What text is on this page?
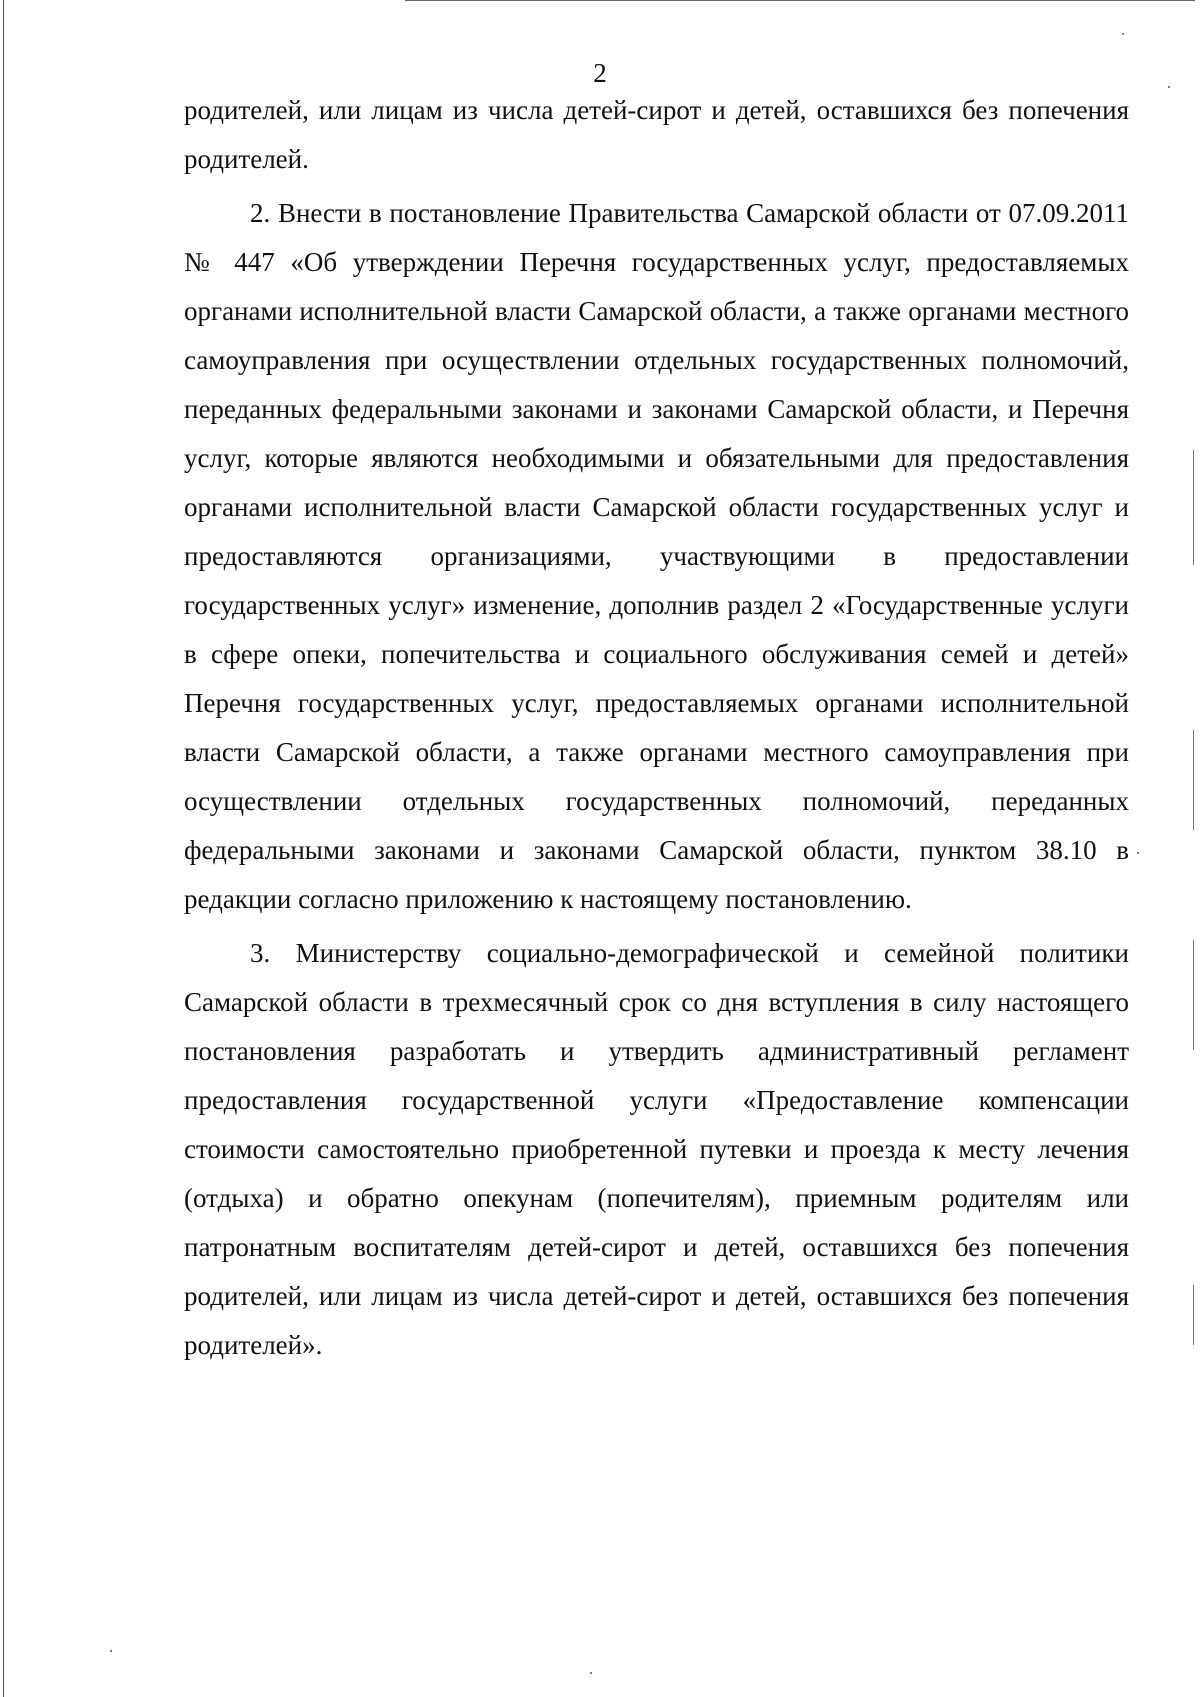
2

родителей, или лицам из числа детей-сирот и детей, оставшихся без попечения родителей.

2. Внести в постановление Правительства Самарской области от 07.09.2011 № 447 «Об утверждении Перечня государственных услуг, предоставляемых органами исполнительной власти Самарской области, а также органами местного самоуправления при осуществлении отдельных государственных полномочий, переданных федеральными законами и законами Самарской области, и Перечня услуг, которые являются необходимыми и обязательными для предоставления органами исполнительной власти Самарской области государственных услуг и предоставляются организациями, участвующими в предоставлении государственных услуг» изменение, дополнив раздел 2 «Государственные услуги в сфере опеки, попечительства и социального обслуживания семей и детей» Перечня государственных услуг, предоставляемых органами исполнительной власти Самарской области, а также органами местного самоуправления при осуществлении отдельных государственных полномочий, переданных федеральными законами и законами Самарской области, пунктом 38.10 в редакции согласно приложению к настоящему постановлению.

3. Министерству социально-демографической и семейной политики Самарской области в трехмесячный срок со дня вступления в силу настоящего постановления разработать и утвердить административный регламент предоставления государственной услуги «Предоставление компенсации стоимости самостоятельно приобретенной путевки и проезда к месту лечения (отдыха) и обратно опекунам (попечителям), приемным родителям или патронатным воспитателям детей-сирот и детей, оставшихся без попечения родителей, или лицам из числа детей-сирот и детей, оставшихся без попечения родителей».
